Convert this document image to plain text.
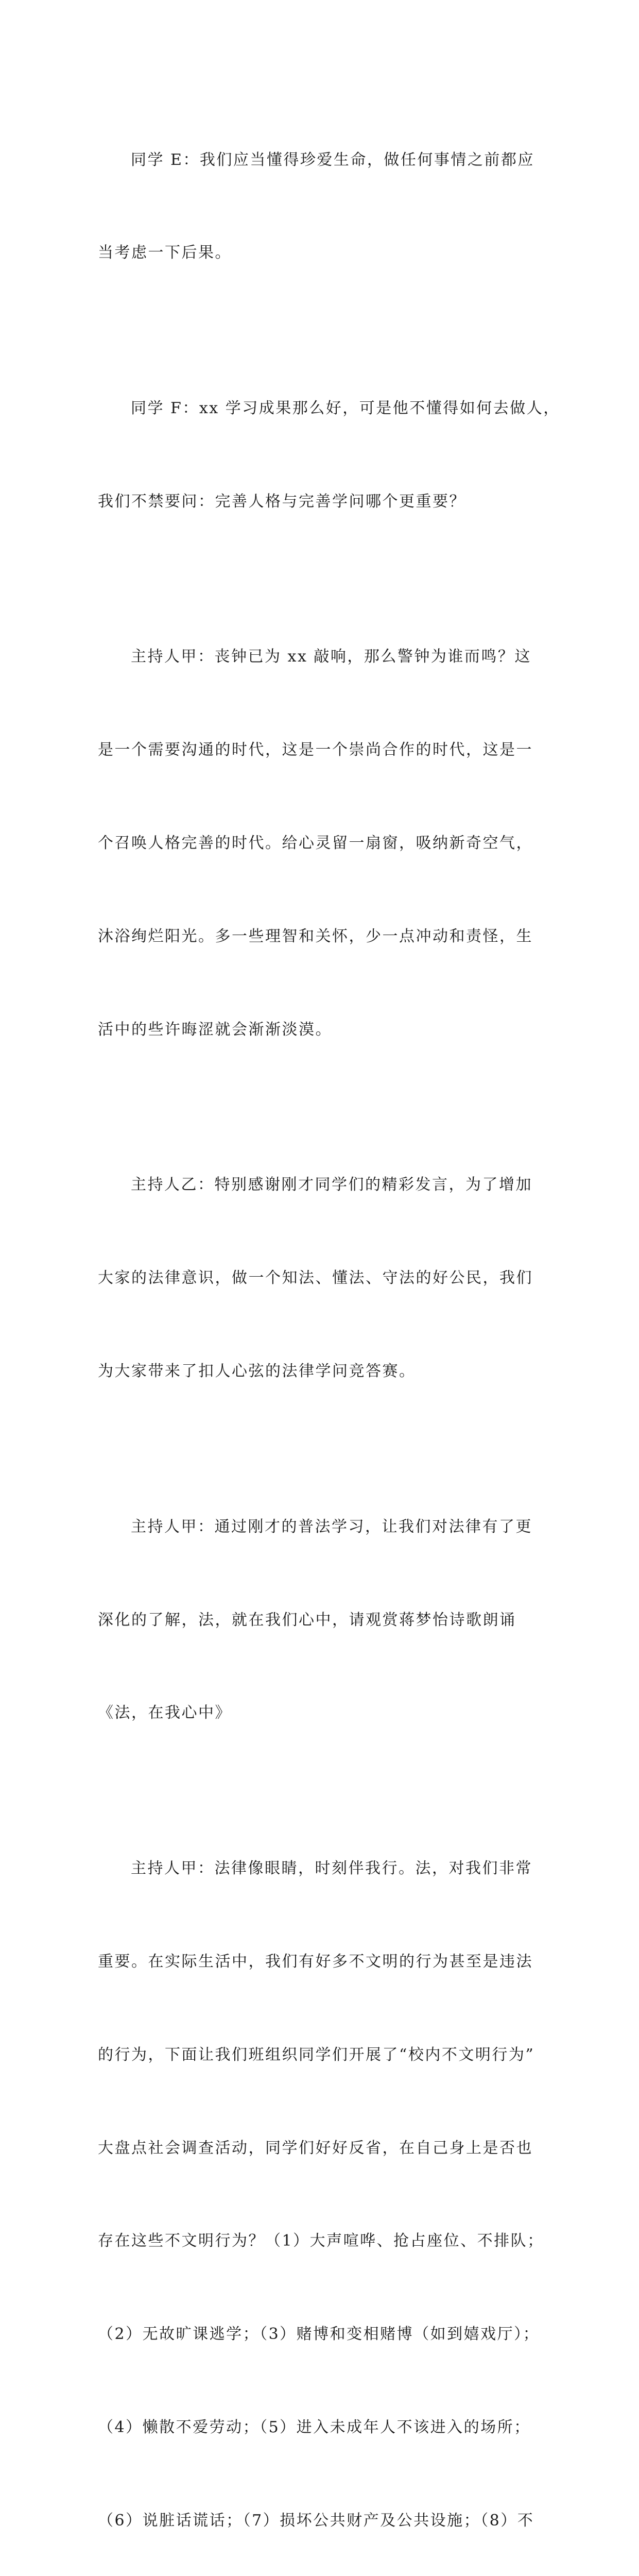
同学 E：我们应当懂得珍爱生命，做任何事情之前都应

当考虑一下后果。

同学 F：xx 学习成果那么好，可是他不懂得如何去做人，

我们不禁要问：完善人格与完善学问哪个更重要？

主持人甲：丧钟已为 xx 敲响，那么警钟为谁而鸣？这

是一个需要沟通的时代，这是一个崇尚合作的时代，这是一

个召唤人格完善的时代。给心灵留一扇窗，吸纳新奇空气，

沐浴绚烂阳光。多一些理智和关怀，少一点冲动和责怪，生

活中的些许晦涩就会渐渐淡漠。

主持人乙：特别感谢刚才同学们的精彩发言，为了增加

大家的法律意识，做一个知法、懂法、守法的好公民，我们

为大家带来了扣人心弦的法律学问竞答赛。

主持人甲：通过刚才的普法学习，让我们对法律有了更

深化的了解，法，就在我们心中，请观赏蒋梦怡诗歌朗诵

《法，在我心中》

主持人甲：法律像眼睛，时刻伴我行。法，对我们非常

重要。在实际生活中，我们有好多不文明的行为甚至是违法

的行为，下面让我们班组织同学们开展了“校内不文明行为”

大盘点社会调查活动，同学们好好反省，在自己身上是否也

存在这些不文明行为？（1）大声喧哗、抢占座位、不排队；

（2）无故旷课逃学；（3）赌博和变相赌博（如到嬉戏厅）；

（4）懒散不爱劳动；（5）进入未成年人不该进入的场所；

（6）说脏话谎话；（7）损坏公共财产及公共设施；（8）不
